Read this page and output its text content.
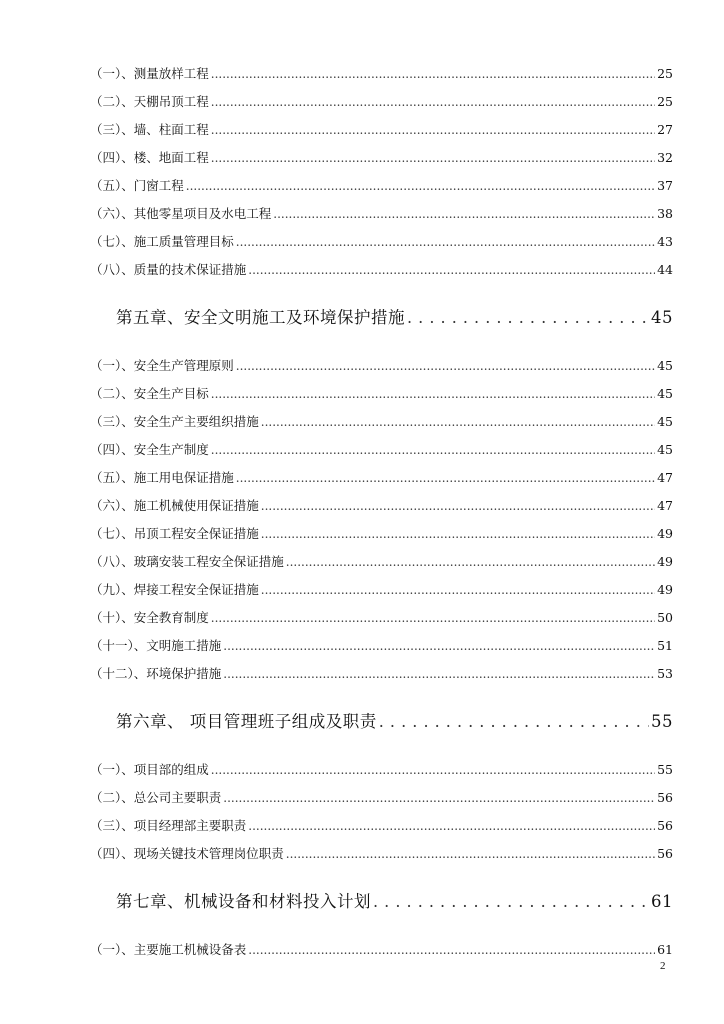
（一）、测量放样工程 .....	25
（二）、天棚吊顶工程 .....	25
（三）、墙、柱面工程 .....	27
（四）、楼、地面工程 .....	32
（五）、门窗工程 .....	37
（六）、其他零星项目及水电工程 .....	38
（七）、施工质量管理目标 .....	43
（八）、质量的技术保证措施 .....	44
第五章、安全文明施工及环境保护措施 . . .	45
（一）、安全生产管理原则 .....	45
（二）、安全生产目标 .....	45
（三）、安全生产主要组织措施 .....	45
（四）、安全生产制度 .....	45
（五）、施工用电保证措施 .....	47
（六）、施工机械使用保证措施 .....	47
（七）、吊顶工程安全保证措施 .....	49
（八）、玻璃安装工程安全保证措施 .....	49
（九）、焊接工程安全保证措施 .....	49
（十）、安全教育制度 .....	50
（十一）、文明施工措施 .....	51
（十二）、环境保护措施 .....	53
第六章、 项目管理班子组成及职责 . . .	55
（一）、项目部的组成 .....	55
（二）、总公司主要职责 .....	56
（三）、项目经理部主要职责 .....	56
（四）、现场关键技术管理岗位职责 .....	56
第七章、机械设备和材料投入计划 . . .	61
（一）、主要施工机械设备表 .....	61
2
